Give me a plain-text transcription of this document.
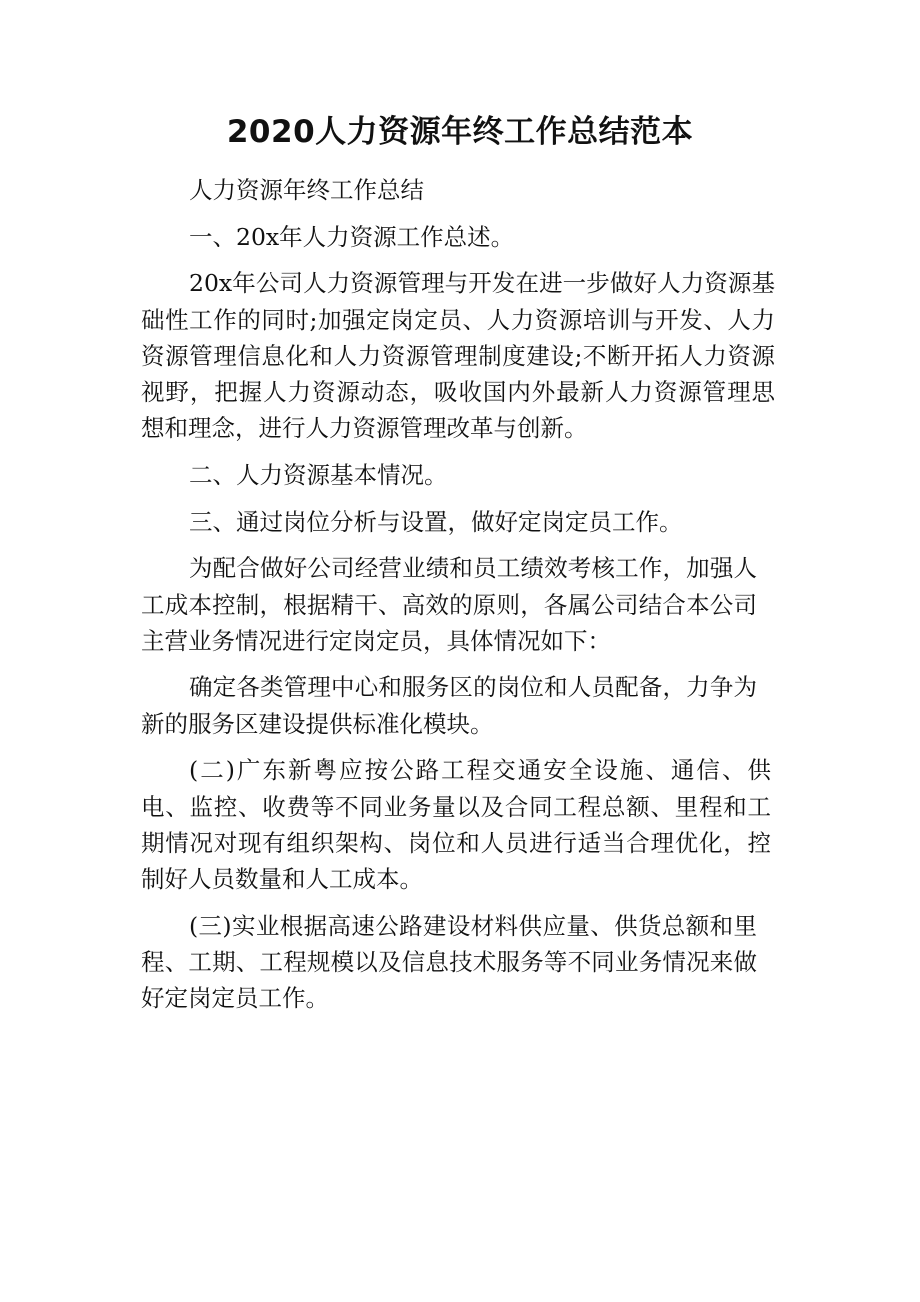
2020人力资源年终工作总结范本

人力资源年终工作总结

一、20x年人力资源工作总述。

20x年公司人力资源管理与开发在进一步做好人力资源基础性工作的同时;加强定岗定员、人力资源培训与开发、人力资源管理信息化和人力资源管理制度建设;不断开拓人力资源视野，把握人力资源动态，吸收国内外最新人力资源管理思想和理念，进行人力资源管理改革与创新。

二、人力资源基本情况。

三、通过岗位分析与设置，做好定岗定员工作。

为配合做好公司经营业绩和员工绩效考核工作，加强人工成本控制，根据精干、高效的原则，各属公司结合本公司主营业务情况进行定岗定员，具体情况如下：

确定各类管理中心和服务区的岗位和人员配备，力争为新的服务区建设提供标准化模块。

(二)广东新粤应按公路工程交通安全设施、通信、供电、监控、收费等不同业务量以及合同工程总额、里程和工期情况对现有组织架构、岗位和人员进行适当合理优化，控制好人员数量和人工成本。

(三)实业根据高速公路建设材料供应量、供货总额和里程、工期、工程规模以及信息技术服务等不同业务情况来做好定岗定员工作。
